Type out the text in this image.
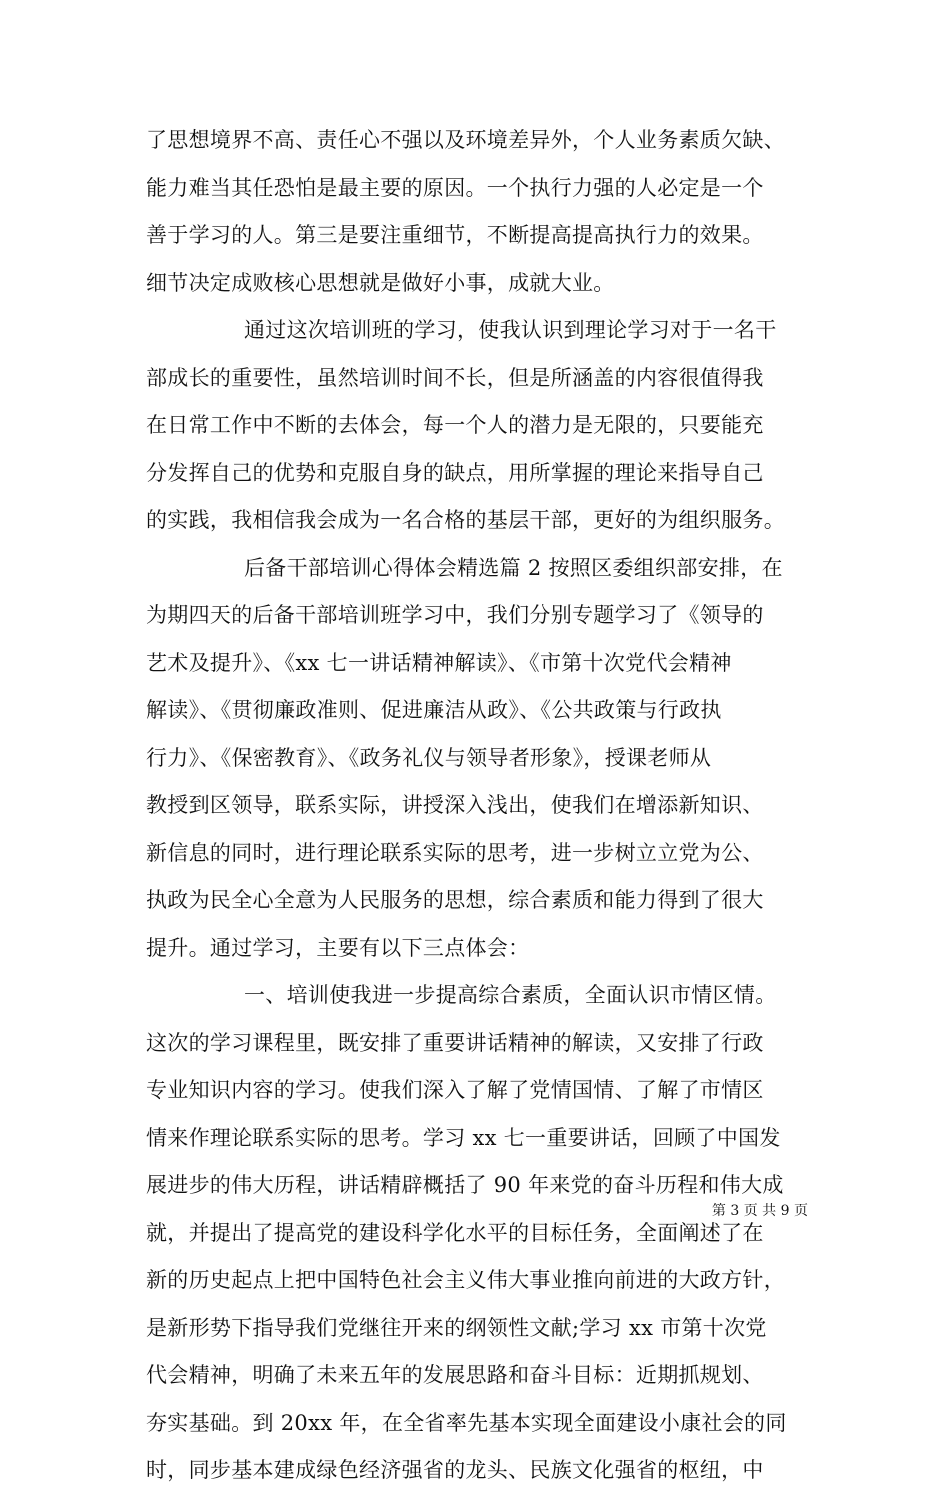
了思想境界不高、责任心不强以及环境差异外，个人业务素质欠缺、
能力难当其任恐怕是最主要的原因。一个执行力强的人必定是一个
善于学习的人。第三是要注重细节，不断提高提高执行力的效果。
细节决定成败核心思想就是做好小事，成就大业。
通过这次培训班的学习，使我认识到理论学习对于一名干
部成长的重要性，虽然培训时间不长，但是所涵盖的内容很值得我
在日常工作中不断的去体会，每一个人的潜力是无限的，只要能充
分发挥自己的优势和克服自身的缺点，用所掌握的理论来指导自己
的实践，我相信我会成为一名合格的基层干部，更好的为组织服务。
后备干部培训心得体会精选篇 2 按照区委组织部安排，在
为期四天的后备干部培训班学习中，我们分别专题学习了《领导的
艺术及提升》、《xx 七一讲话精神解读》、《市第十次党代会精神
解读》、《贯彻廉政准则、促进廉洁从政》、《公共政策与行政执
行力》、《保密教育》、《政务礼仪与领导者形象》，授课老师从
教授到区领导，联系实际，讲授深入浅出，使我们在增添新知识、
新信息的同时，进行理论联系实际的思考，进一步树立立党为公、
执政为民全心全意为人民服务的思想，综合素质和能力得到了很大
提升。通过学习，主要有以下三点体会：
一、培训使我进一步提高综合素质，全面认识市情区情。
这次的学习课程里，既安排了重要讲话精神的解读，又安排了行政
专业知识内容的学习。使我们深入了解了党情国情、了解了市情区
情来作理论联系实际的思考。学习 xx 七一重要讲话，回顾了中国发
展进步的伟大历程，讲话精辟概括了 90 年来党的奋斗历程和伟大成
就，并提出了提高党的建设科学化水平的目标任务，全面阐述了在
新的历史起点上把中国特色社会主义伟大事业推向前进的大政方针，
是新形势下指导我们党继往开来的纲领性文献;学习 xx 市第十次党
代会精神，明确了未来五年的发展思路和奋斗目标：近期抓规划、
夯实基础。到 20xx 年，在全省率先基本实现全面建设小康社会的同
时，同步基本建成绿色经济强省的龙头、民族文化强省的枢纽，中
第 3 页 共 9 页
